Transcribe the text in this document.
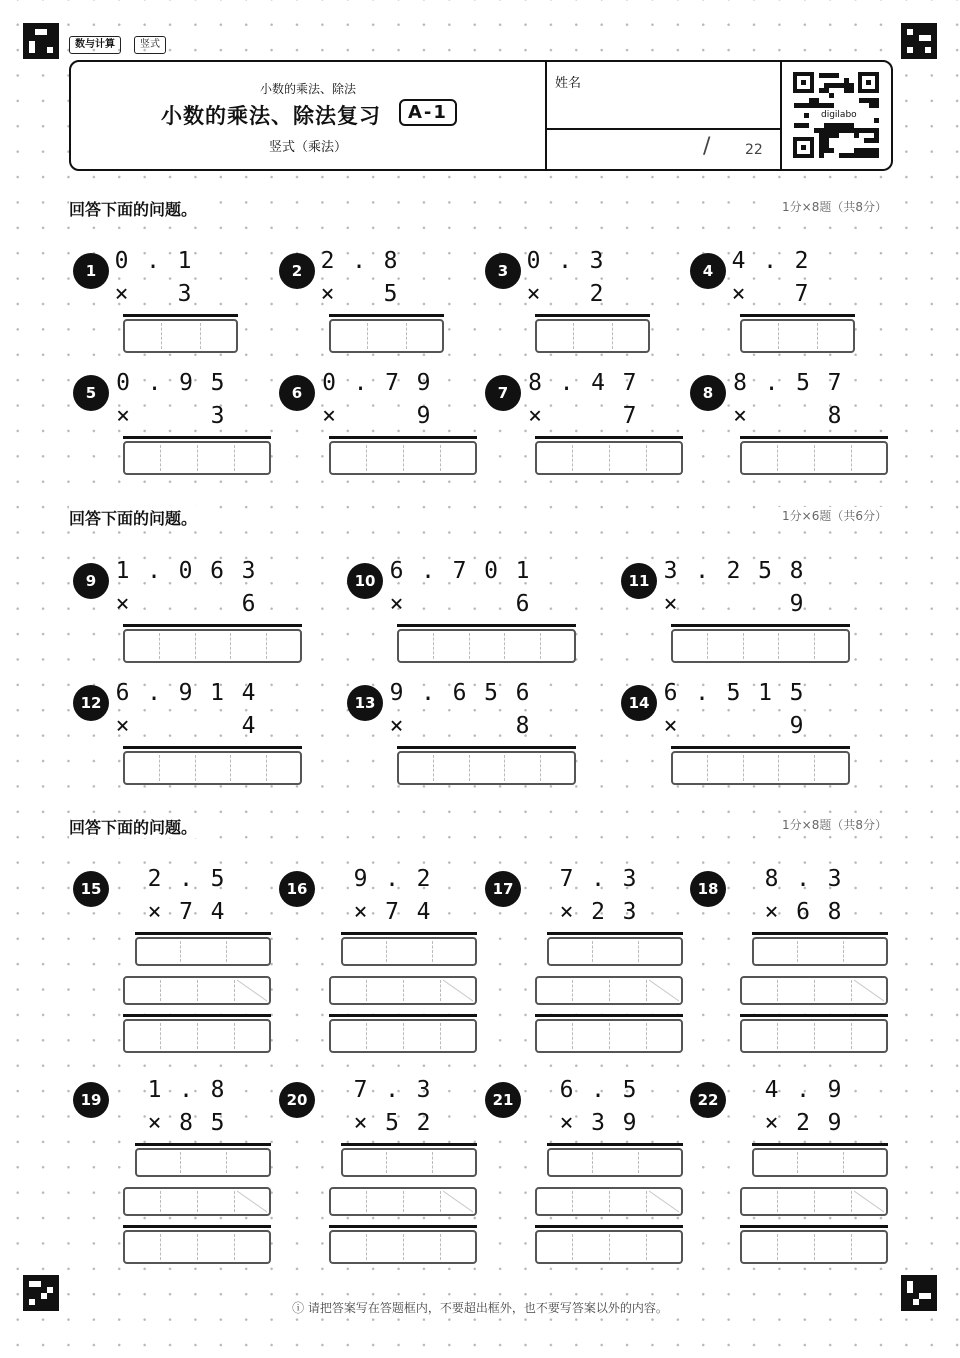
数与计算	竖式
小数的乘法、除法
小数的乘法、除法复习	A-1
竖式（乘法）
姓名
/ 22
digilabo
回答下面的问题。	1分×8题（共8分）
回答下面的问题。	1分×6题（共6分）
回答下面的问题。	1分×8题（共8分）
1 0 . 1
×	3
2 2 . 8
×	5
3 0 . 3
×	2
4 4 . 2
×	7
5 0 . 9 5
×	3
6 0 . 7 9
×	9
7 8 . 4 7
×	7
8 8 . 5 7
×	8
9 1 . 0 6 3
×	6
10 6 . 7 0 1
×	6
11 3 . 2 5 8
×	9
12 6 . 9 1 4
×	4
13 9 . 6 5 6
×	8
14 6 . 5 1 5
×	9
15	2 . 5
× 7 4
16	9 . 2
× 7 4
17	7 . 3
× 2 3
18	8 . 3
× 6 8
19	1 . 8
× 8 5
20	7 . 3
× 5 2
21	6 . 5
× 3 9
22	4 . 9
× 2 9
ⓘ 请把答案写在答题框内，不要超出框外，也不要写答案以外的内容。
